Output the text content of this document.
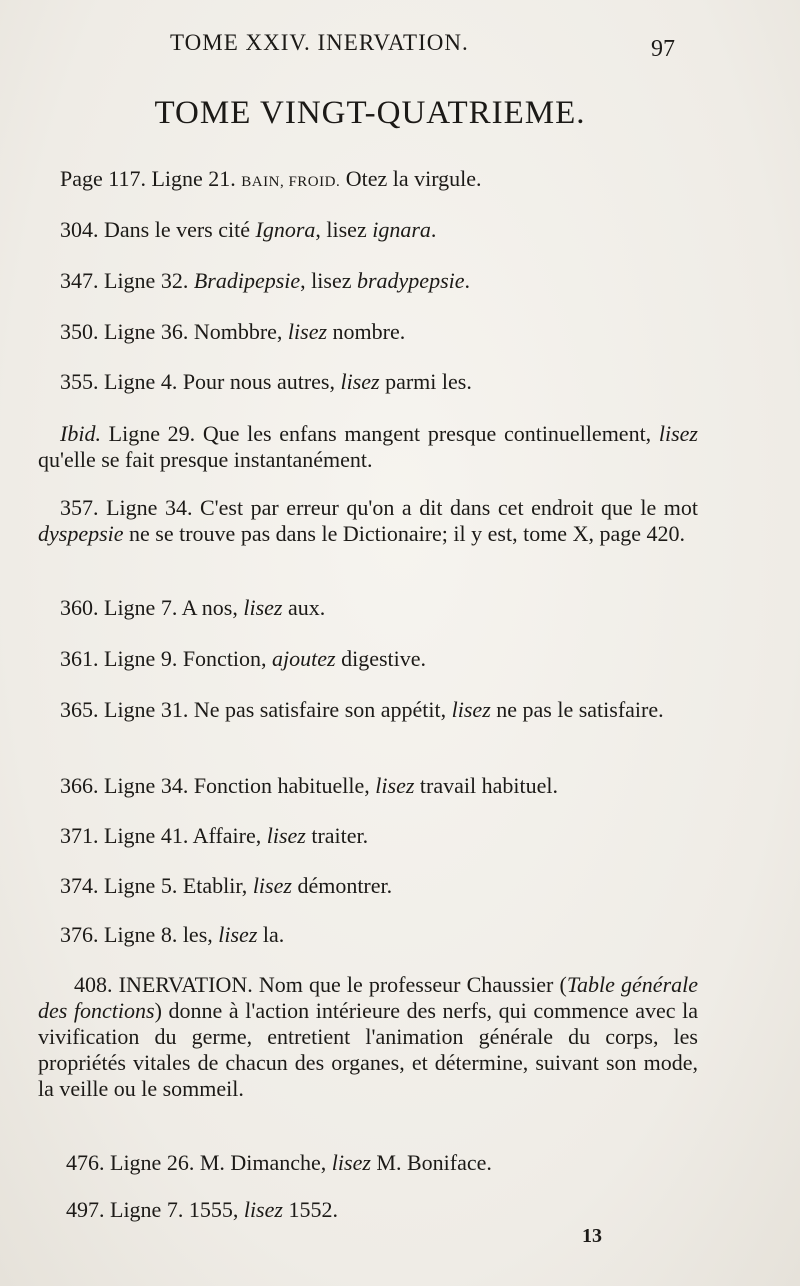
TOME XXIV. INERVATION.	97
TOME VINGT-QUATRIEME.
Page 117. Ligne 21. BAIN, FROID. Otez la virgule.
304. Dans le vers cité Ignora, lisez ignara.
347. Ligne 32. Bradipepsie, lisez bradypepsie.
350. Ligne 36. Nombbre, lisez nombre.
355. Ligne 4. Pour nous autres, lisez parmi les.
Ibid. Ligne 29. Que les enfans mangent presque continuellement, lisez qu'elle se fait presque instantanément.
357. Ligne 34. C'est par erreur qu'on a dit dans cet endroit que le mot dyspepsie ne se trouve pas dans le Dictionaire; il y est, tome X, page 420.
360. Ligne 7. A nos, lisez aux.
361. Ligne 9. Fonction, ajoutez digestive.
365. Ligne 31. Ne pas satisfaire son appétit, lisez ne pas le satisfaire.
366. Ligne 34. Fonction habituelle, lisez travail habituel.
371. Ligne 41. Affaire, lisez traiter.
374. Ligne 5. Etablir, lisez démontrer.
376. Ligne 8. les, lisez la.
408. INERVATION. Nom que le professeur Chaussier (Table générale des fonctions) donne à l'action intérieure des nerfs, qui commence avec la vivification du germe, entretient l'animation générale du corps, les propriétés vitales de chacun des organes, et détermine, suivant son mode, la veille ou le sommeil.
476. Ligne 26. M. Dimanche, lisez M. Boniface.
497. Ligne 7. 1555, lisez 1552.
13
